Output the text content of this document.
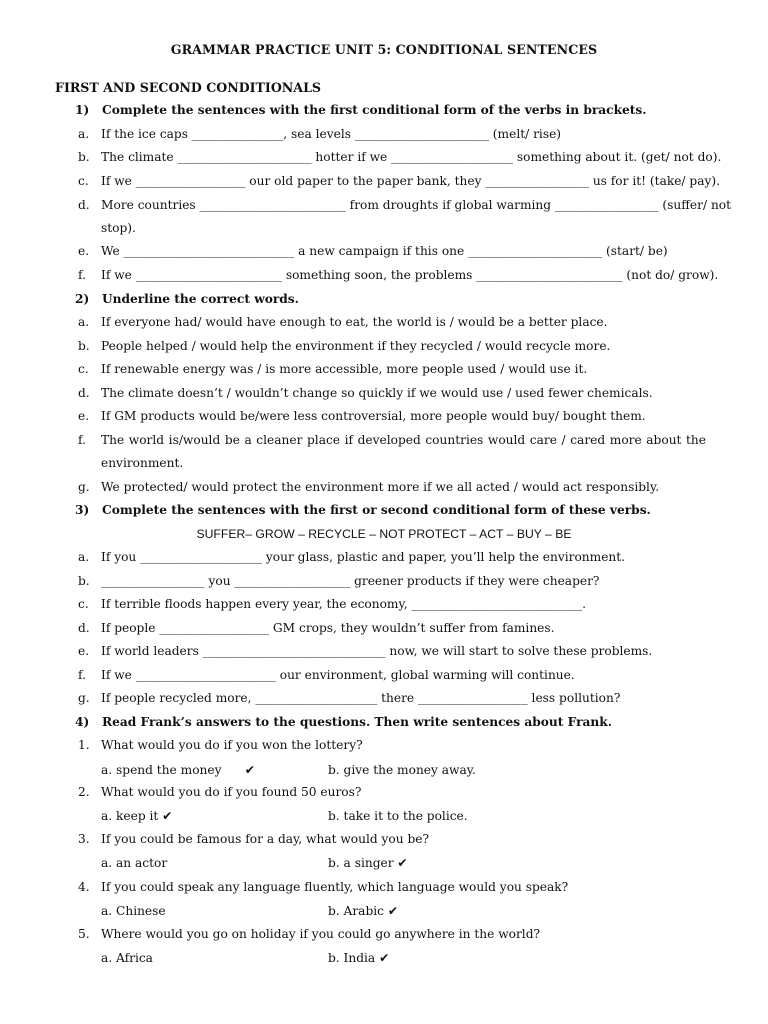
GRAMMAR PRACTICE UNIT 5: CONDITIONAL SENTENCES
FIRST AND SECOND CONDITIONALS
1) Complete the sentences with the first conditional form of the verbs in brackets.
a. If the ice caps _______________, sea levels ______________________ (melt/ rise)
b. The climate ______________________ hotter if we ____________________ something about it. (get/ not do).
c. If we __________________ our old paper to the paper bank, they _________________ us for it! (take/ pay).
d. More countries ________________________ from droughts if global warming _________________ (suffer/ not
stop).
e. We ____________________________ a new campaign if this one ______________________ (start/ be)
f. If we ________________________ something soon, the problems ________________________ (not do/ grow).
2) Underline the correct words.
a. If everyone had/ would have enough to eat, the world is / would be a better place.
b. People helped / would help the environment if they recycled / would recycle more.
c. If renewable energy was / is more accessible, more people used / would use it.
d. The climate doesn’t / wouldn’t change so quickly if we would use / used fewer chemicals.
e. If GM products would be/were less controversial, more people would buy/ bought them.
f. The world is/would be a cleaner place if developed countries would care / cared more about the
environment.
g. We protected/ would protect the environment more if we all acted / would act responsibly.
3) Complete the sentences with the first or second conditional form of these verbs.
SUFFER– GROW – RECYCLE – NOT PROTECT – ACT – BUY – BE
a. If you ____________________ your glass, plastic and paper, you’ll help the environment.
b. _________________ you ___________________ greener products if they were cheaper?
c. If terrible floods happen every year, the economy, ____________________________.
d. If people __________________ GM crops, they wouldn’t suffer from famines.
e. If world leaders ______________________________ now, we will start to solve these problems.
f. If we _______________________ our environment, global warming will continue.
g. If people recycled more, ____________________ there __________________ less pollution?
4) Read Frank’s answers to the questions. Then write sentences about Frank.
1. What would you do if you won the lottery?
a. spend the money ✔	b. give the money away.
2. What would you do if you found 50 euros?
a. keep it ✔	b. take it to the police.
3. If you could be famous for a day, what would you be?
a. an actor	b. a singer ✔
4. If you could speak any language fluently, which language would you speak?
a. Chinese	b. Arabic ✔
5. Where would you go on holiday if you could go anywhere in the world?
a. Africa	b. India ✔
